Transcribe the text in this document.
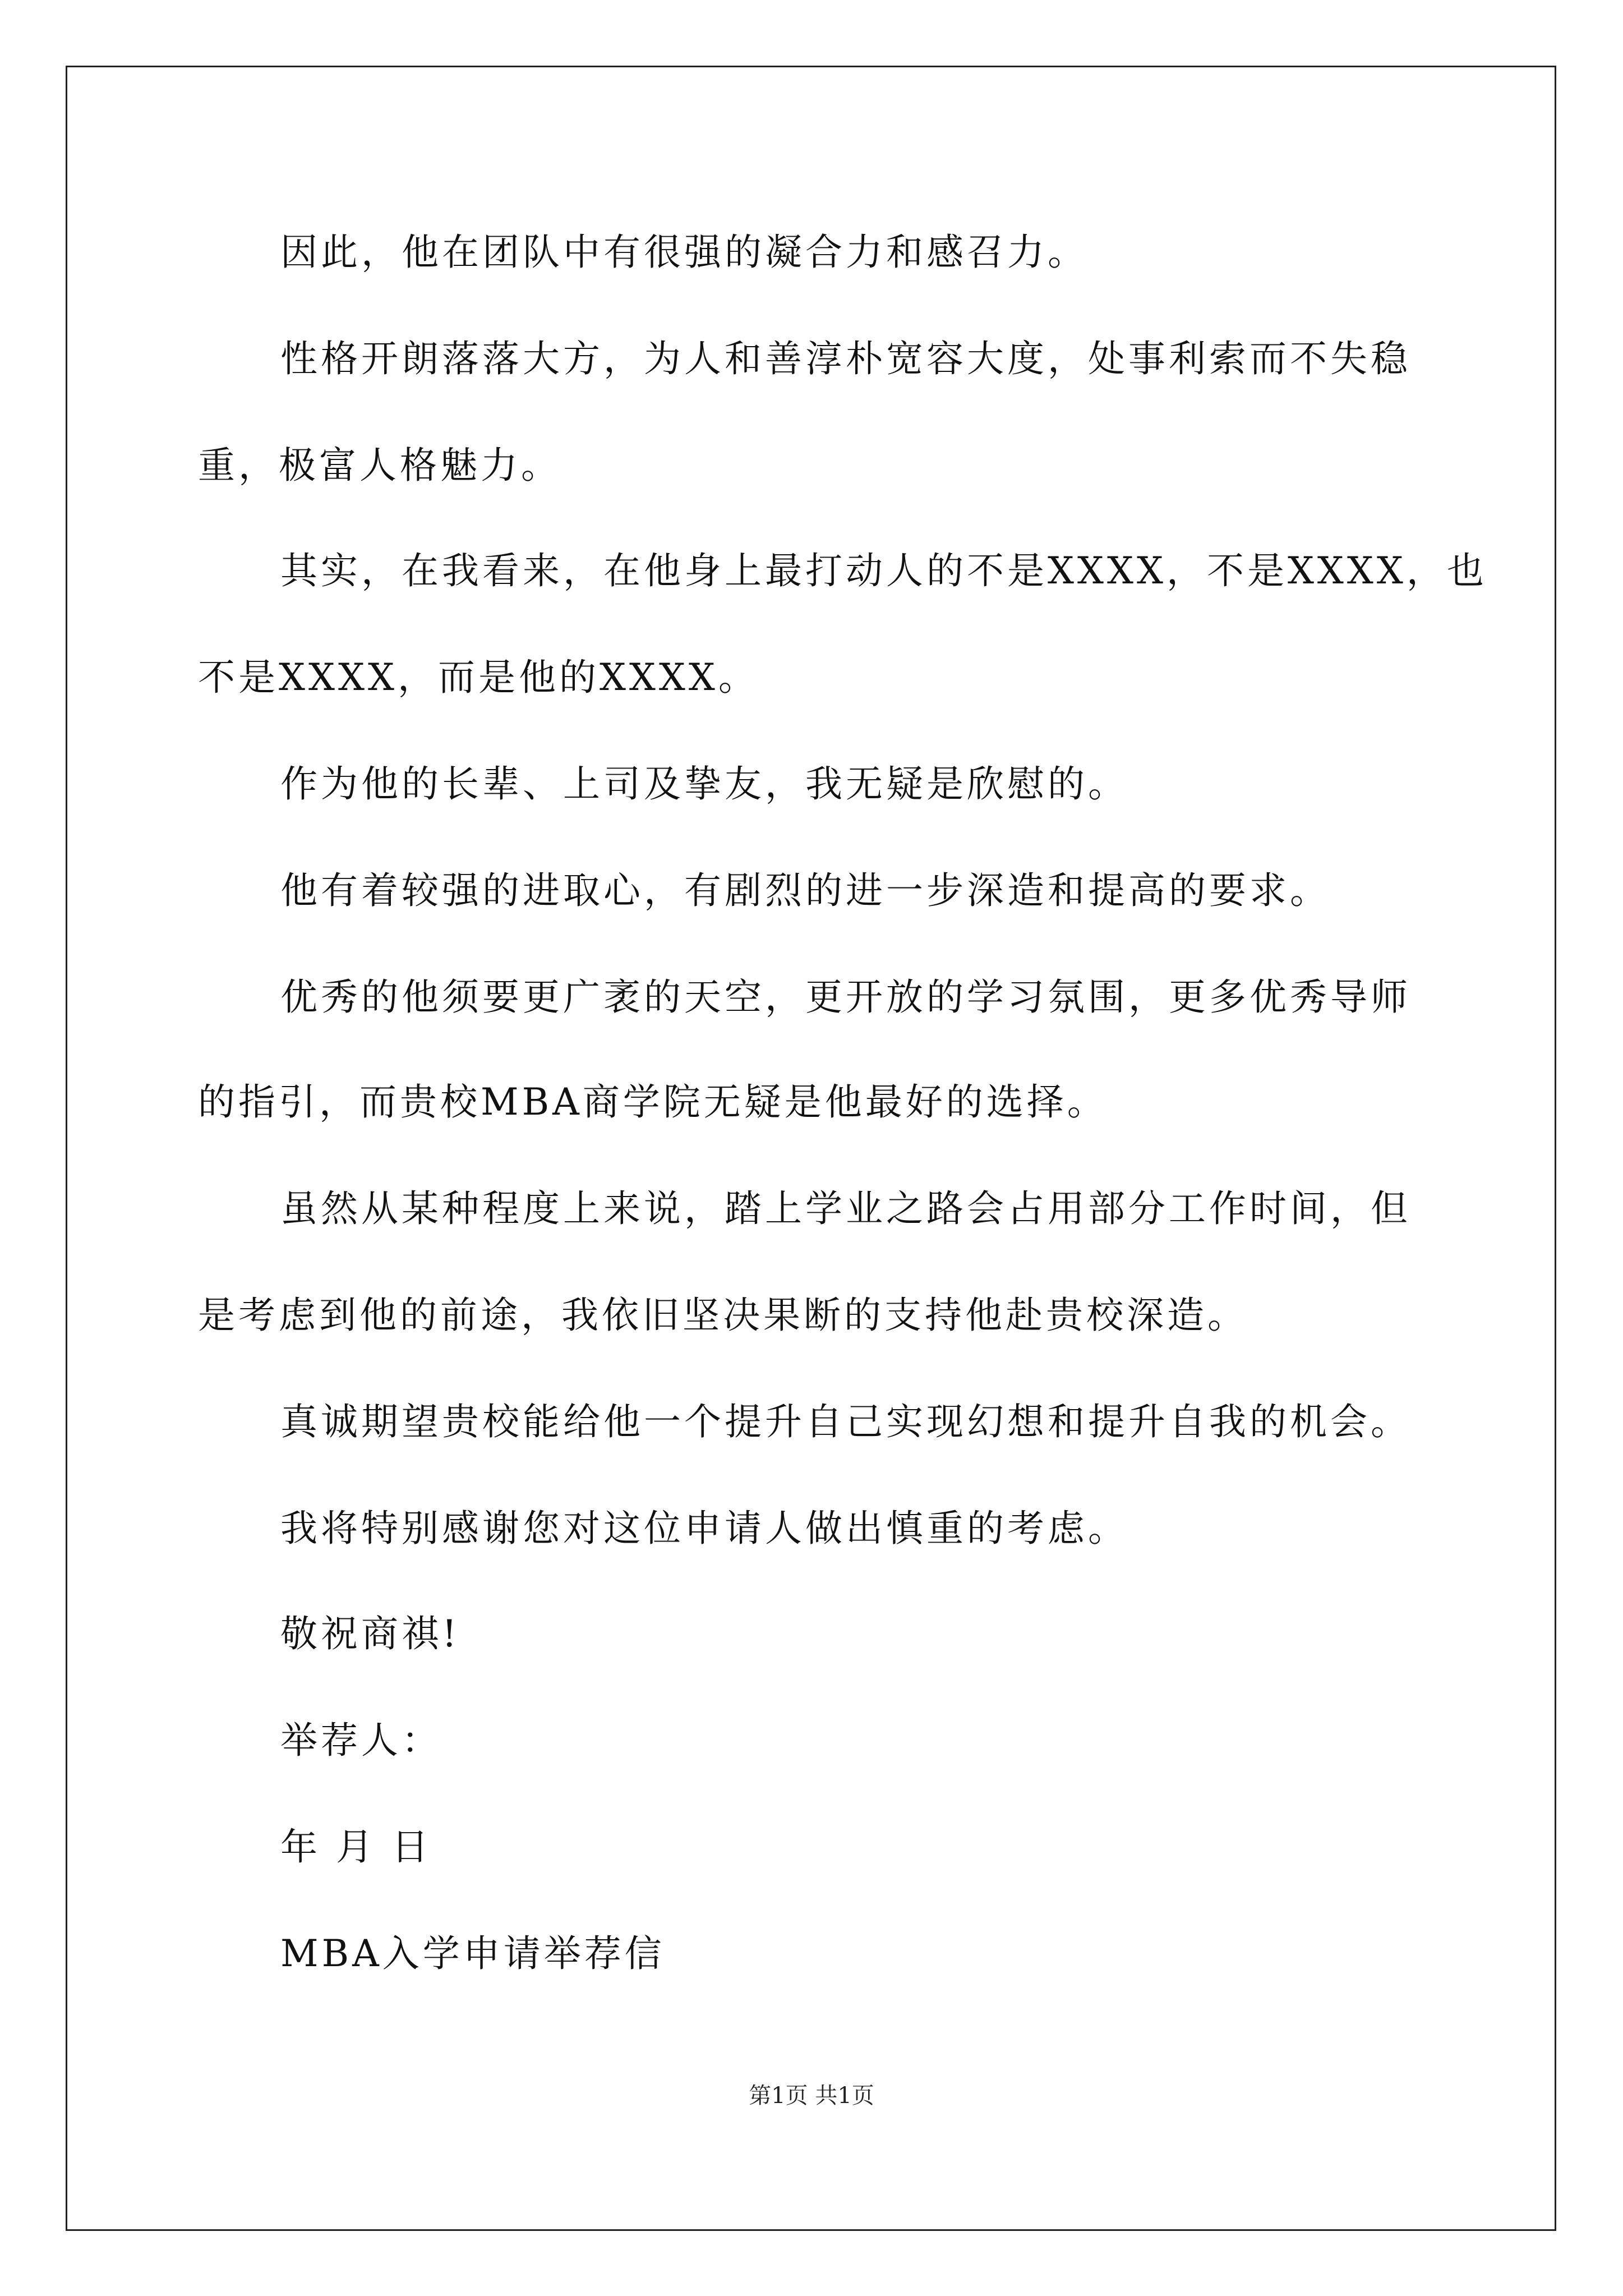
因此，他在团队中有很强的凝合力和感召力。
性格开朗落落大方，为人和善淳朴宽容大度，处事利索而不失稳
重，极富人格魅力。
其实，在我看来，在他身上最打动人的不是XXXX，不是XXXX，也
不是XXXX，而是他的XXXX。
作为他的长辈、上司及挚友，我无疑是欣慰的。
他有着较强的进取心，有剧烈的进一步深造和提高的要求。
优秀的他须要更广袤的天空，更开放的学习氛围，更多优秀导师
的指引，而贵校MBA商学院无疑是他最好的选择。
虽然从某种程度上来说，踏上学业之路会占用部分工作时间，但
是考虑到他的前途，我依旧坚决果断的支持他赴贵校深造。
真诚期望贵校能给他一个提升自己实现幻想和提升自我的机会。
我将特别感谢您对这位申请人做出慎重的考虑。
敬祝商祺!
举荐人：
年 月 日
MBA入学申请举荐信
第1页 共1页
